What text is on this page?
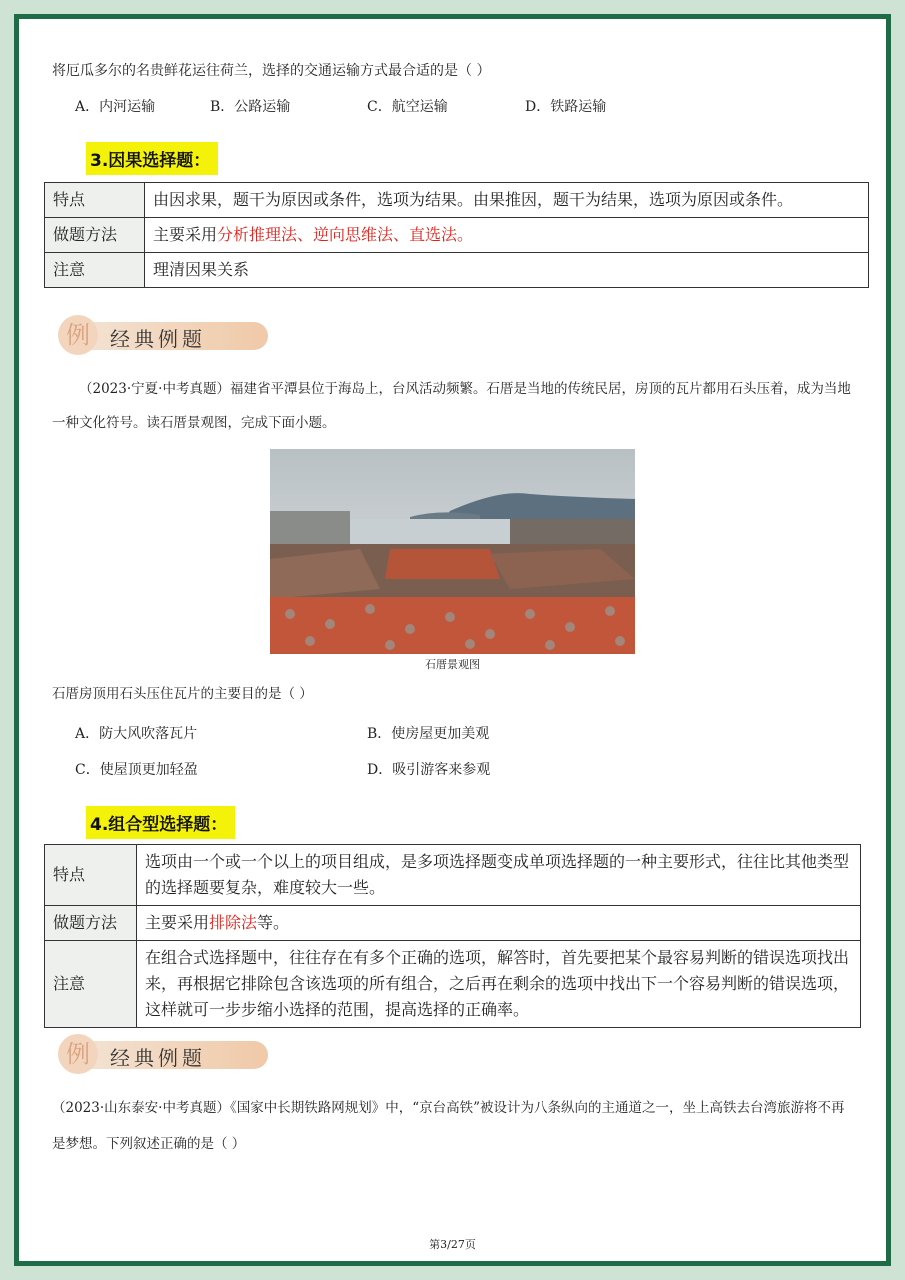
将厄瓜多尔的名贵鲜花运往荷兰，选择的交通运输方式最合适的是（ ）
A．内河运输	B．公路运输	C．航空运输	D．铁路运输
3.因果选择题：
特点	由因求果，题干为原因或条件，选项为结果。由果推因，题干为结果，选项为原因或条件。
做题方法	主要采用分析推理法、逆向思维法、直选法。
注意	理清因果关系
例	经典例题
（2023·宁夏·中考真题）福建省平潭县位于海岛上，台风活动频繁。石厝是当地的传统民居，房顶的瓦片都用石头压着，成为当地一种文化符号。读石厝景观图，完成下面小题。
石厝景观图
石厝房顶用石头压住瓦片的主要目的是（ ）
A．防大风吹落瓦片	B．使房屋更加美观
C．使屋顶更加轻盈	D．吸引游客来参观
4.组合型选择题：
特点	选项由一个或一个以上的项目组成，是多项选择题变成单项选择题的一种主要形式，往往比其他类型的选择题要复杂，难度较大一些。
做题方法	主要采用排除法等。
注意	在组合式选择题中，往往存在有多个正确的选项，解答时，首先要把某个最容易判断的错误选项找出来，再根据它排除包含该选项的所有组合，之后再在剩余的选项中找出下一个容易判断的错误选项，这样就可一步步缩小选择的范围，提高选择的正确率。
例	经典例题
（2023·山东泰安·中考真题）《国家中长期铁路网规划》中，“京台高铁”被设计为八条纵向的主通道之一，坐上高铁去台湾旅游将不再是梦想。下列叙述正确的是（ ）
第3/27页
